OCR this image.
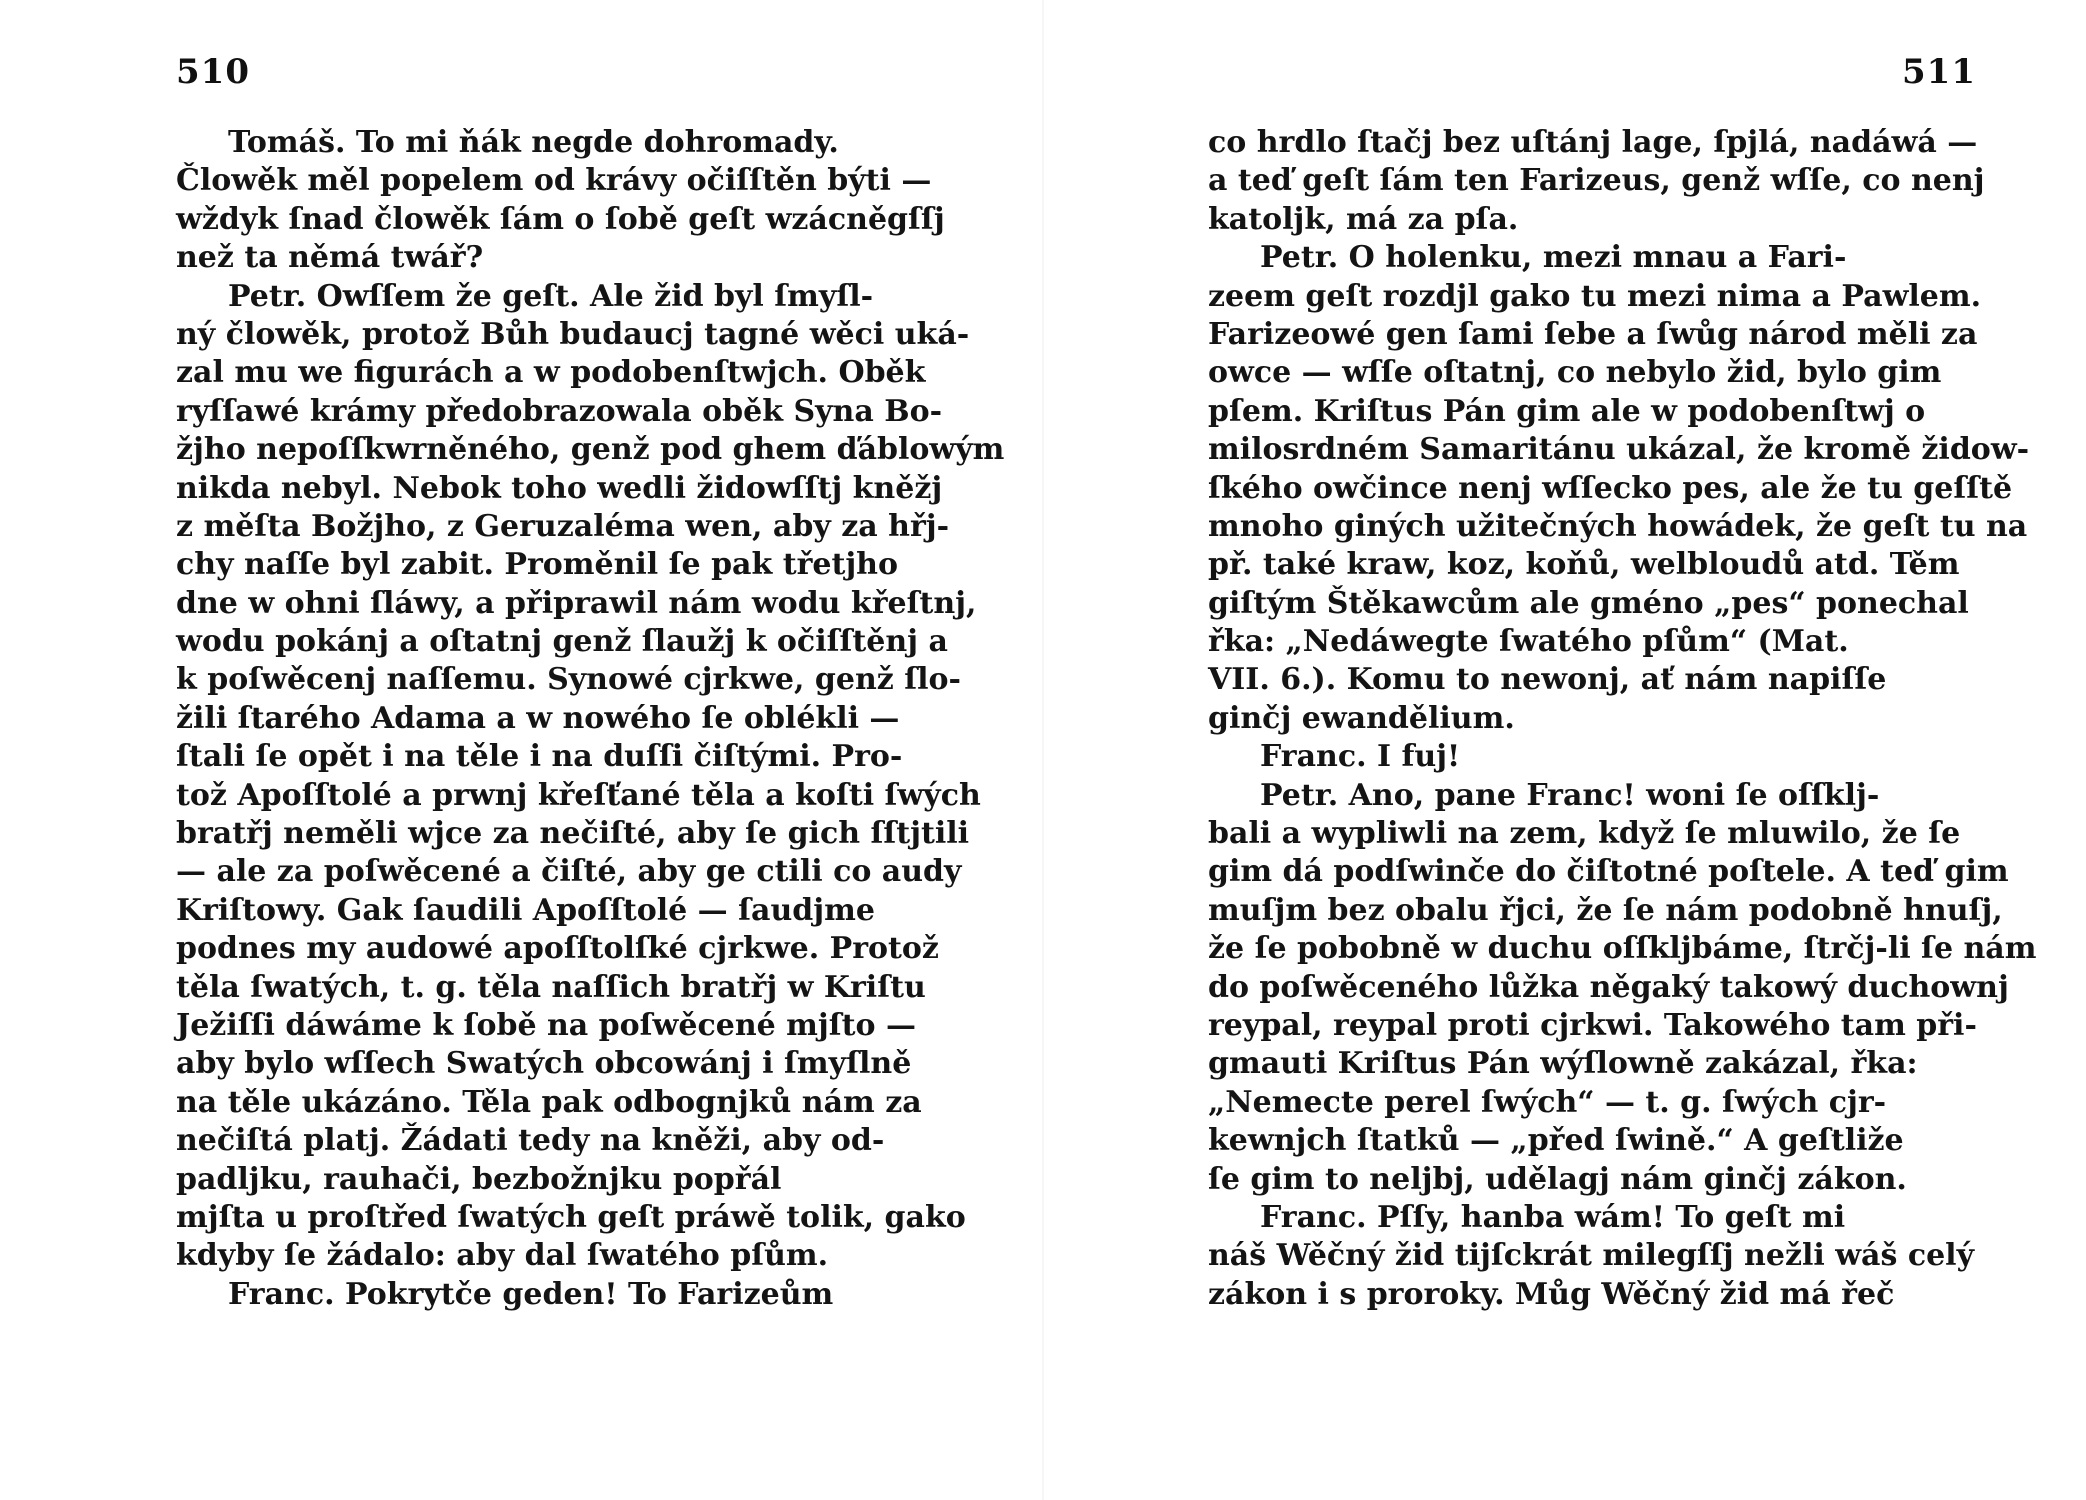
510
Tomáš. To mi ňák negde dohromady.
Člowěk měl popelem od krávy očiſſtěn býti —
wždyk ſnad člowěk ſám o ſobě geſt wzácněgſſj
než ta němá twář?
Petr. Owſſem že geſt. Ale žid byl ſmyſl-
ný člowěk, protož Bůh budaucj tagné wěci uká-
zal mu we figurách a w podobenſtwjch. Oběk
ryſſawé krámy předobrazowala oběk Syna Bo-
žjho nepoſſkwrněného, genž pod ghem ďáblowým
nikda nebyl. Nebok toho wedli židowſſtj kněžj
z měſta Božjho, z Geruzaléma wen, aby za hřj-
chy naſſe byl zabit. Proměnil ſe pak třetjho
dne w ohni ſláwy, a připrawil nám wodu křeſtnj,
wodu pokánj a oſtatnj genž ſlaužj k očiſſtěnj a
k poſwěcenj naſſemu. Synowé cjrkwe, genž ſlo-
žili ſtarého Adama a w nowého ſe oblékli —
ſtali ſe opět i na těle i na duſſi čiſtými. Pro-
tož Apoſſtolé a prwnj křeſťané těla a koſti ſwých
bratřj neměli wjce za nečiſté, aby ſe gich ſſtjtili
— ale za poſwěcené a čiſté, aby ge ctili co audy
Kriſtowy. Gak ſaudili Apoſſtolé — ſaudjme
podnes my audowé apoſſtolſké cjrkwe. Protož
těla ſwatých, t. g. těla naſſich bratřj w Kriſtu
Ježiſſi dáwáme k ſobě na poſwěcené mjſto —
aby bylo wſſech Swatých obcowánj i ſmyſlně
na těle ukázáno. Těla pak odbognjků nám za
nečiſtá platj. Žádati tedy na kněži, aby od-
padljku, rauhači, bezbožnjku popřál
mjſta u proſtřed ſwatých geſt práwě tolik, gako
kdyby ſe žádalo: aby dal ſwatého pſům.
Franc. Pokrytče geden! To Farizeům
511
co hrdlo ſtačj bez uſtánj lage, ſpjlá, nadáwá —
a teď geſt ſám ten Farizeus, genž wſſe, co nenj
katoljk, má za pſa.
Petr. O holenku, mezi mnau a Fari-
zeem geſt rozdjl gako tu mezi nima a Pawlem.
Farizeowé gen ſami ſebe a ſwůg národ měli za
owce — wſſe oſtatnj, co nebylo žid, bylo gim
pſem. Kriſtus Pán gim ale w podobenſtwj o
milosrdném Samaritánu ukázal, že kromě židow-
ſkého owčince nenj wſſecko pes, ale že tu geſſtě
mnoho giných užitečných howádek, že geſt tu na
př. také kraw, koz, koňů, welbloudů atd. Těm
giſtým Štěkawcům ale gméno „pes“ ponechal
řka: „Nedáwegte ſwatého pſům“ (Mat.
VII. 6.). Komu to newonj, ať nám napiſſe
ginčj ewandělium.
Franc. I fuj!
Petr. Ano, pane Franc! woni ſe oſſklj-
bali a wypliwli na zem, když ſe mluwilo, že ſe
gim dá podſwinče do čiſtotné poſtele. A teď gim
muſjm bez obalu řjci, že ſe nám podobně hnuſj,
že ſe pobobně w duchu oſſkljbáme, ſtrčj-li ſe nám
do poſwěceného lůžka něgaký takowý duchownj
reypal, reypal proti cjrkwi. Takowého tam při-
gmauti Kriſtus Pán wýſlowně zakázal, řka:
„Nemecte perel ſwých“ — t. g. ſwých cjr-
kewnjch ſtatků — „před ſwině.“ A geſtliže
ſe gim to neljbj, udělagj nám ginčj zákon.
Franc. Pſſy, hanba wám! To geſt mi
náš Wěčný žid tijſckrát milegſſj nežli wáš celý
zákon i s proroky. Můg Wěčný žid má řeč
